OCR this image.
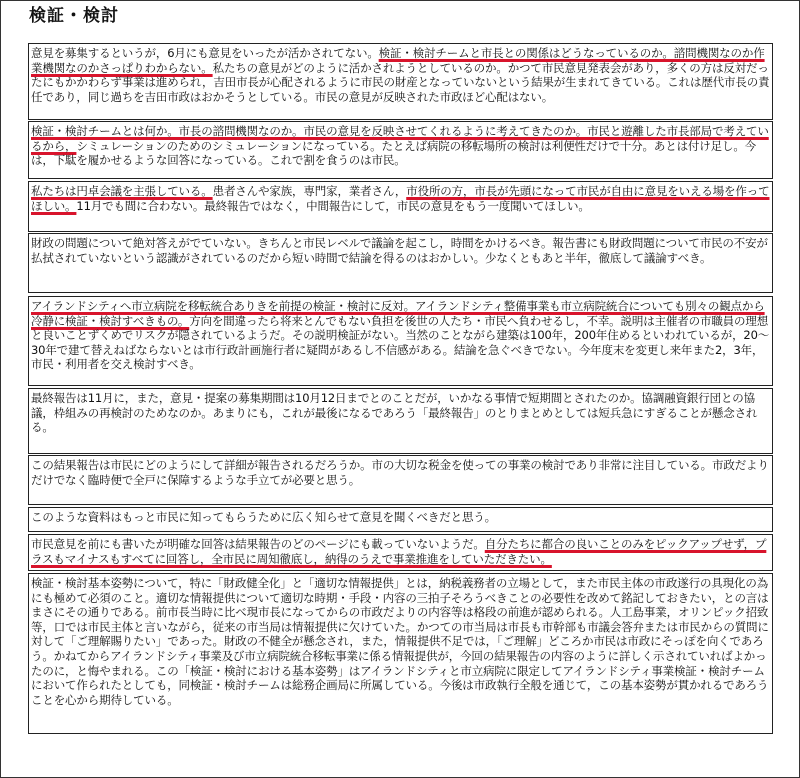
検証・検討
意見を募集するというが，6月にも意見をいったが活かされてない。検証・検討チームと市長との関係はどうなっているのか。諮問機関なのか作業機関なのかさっぱりわからない。私たちの意見がどのように活かされようとしているのか。かつて市民意見発表会があり，多くの方は反対だったにもかかわらず事業は進められ，吉田市長が心配されるように市民の財産となっていないという結果が生まれてきている。これは歴代市長の責任であり，同じ過ちを吉田市政はおかそうとしている。市民の意見が反映された市政ほど心配はない。
検証・検討チームとは何か。市長の諮問機関なのか。市民の意見を反映させてくれるように考えてきたのか。市民と遊離した市長部局で考えているから，シミュレーションのためのシミュレーションになっている。たとえば病院の移転場所の検討は利便性だけで十分。あとは付け足し。今は，下駄を履かせるような回答になっている。これで割を食うのは市民。
私たちは円卓会議を主張している。患者さんや家族，専門家，業者さん，市役所の方，市長が先頭になって市民が自由に意見をいえる場を作ってほしい。11月でも間に合わない。最終報告ではなく，中間報告にして，市民の意見をもう一度聞いてほしい。
財政の問題について絶対答えがでていない。きちんと市民レベルで議論を起こし，時間をかけるべき。報告書にも財政問題について市民の不安が払拭されていないという認識がされているのだから短い時間で結論を得るのはおかしい。少なくともあと半年，徹底して議論すべき。
アイランドシティへ市立病院を移転統合ありきを前提の検証・検討に反対。アイランドシティ整備事業も市立病院統合についても別々の観点から冷静に検証・検討すべきもの。方向を間違ったら将来とんでもない負担を後世の人たち・市民へ負わせるし，不幸。説明は主催者の市職員の理想と良いことずくめでリスクが隠されているようだ。その説明検証がない。当然のことながら建築は100年，200年住めるといわれているが，20～30年で建て替えねばならないとは市行政計画施行者に疑問があるし不信感がある。結論を急ぐべきでない。今年度末を変更し来年また2，3年，市民・利用者を交え検討すべき。
最終報告は11月に，また，意見・提案の募集期間は10月12日までとのことだが，いかなる事情で短期間とされたのか。協調融資銀行団との協議，枠組みの再検討のためなのか。あまりにも，これが最後になるであろう「最終報告」のとりまとめとしては短兵急にすぎることが懸念される。
この結果報告は市民にどのようにして詳細が報告されるだろうか。市の大切な税金を使っての事業の検討であり非常に注目している。市政だよりだけでなく臨時便で全戸に保障するような手立てが必要と思う。
このような資料はもっと市民に知ってもらうために広く知らせて意見を聞くべきだと思う。
市民意見を前にも書いたが明確な回答は結果報告のどのページにも載っていないようだ。自分たちに都合の良いことのみをピックアップせず，プラスもマイナスもすべてに回答し，全市民に周知徹底し，納得のうえで事業推進をしていただきたい。
検証・検討基本姿勢について，特に「財政健全化」と「適切な情報提供」とは，納税義務者の立場として，また市民主体の市政遂行の具現化の為にも極めて必須のこと。適切な情報提供について適切な時期・手段・内容の三拍子そろうべきことの必要性を改めて銘記しておきたい，との言はまさにその通りである。前市長当時に比べ現市長になってからの市政だよりの内容等は格段の前進が認められる。人工島事業，オリンピック招致等，口では市民主体と言いながら，従来の市当局は情報提供に欠けていた。かつての市当局は市長も市幹部も市議会答弁または市民からの質問に対して「ご理解賜りたい」であった。財政の不健全が懸念され，また，情報提供不足では，「ご理解」どころか市民は市政にそっぽを向くであろう。かねてからアイランドシティ事業及び市立病院統合移転事業に係る情報提供が，今回の結果報告の内容のように詳しく示されていればよかったのに，と悔やまれる。この「検証・検討における基本姿勢」はアイランドシティと市立病院に限定してアイランドシティ事業検証・検討チームにおいて作られたとしても，同検証・検討チームは総務企画局に所属している。今後は市政執行全般を通じて，この基本姿勢が貫かれるであろうことを心から期待している。
